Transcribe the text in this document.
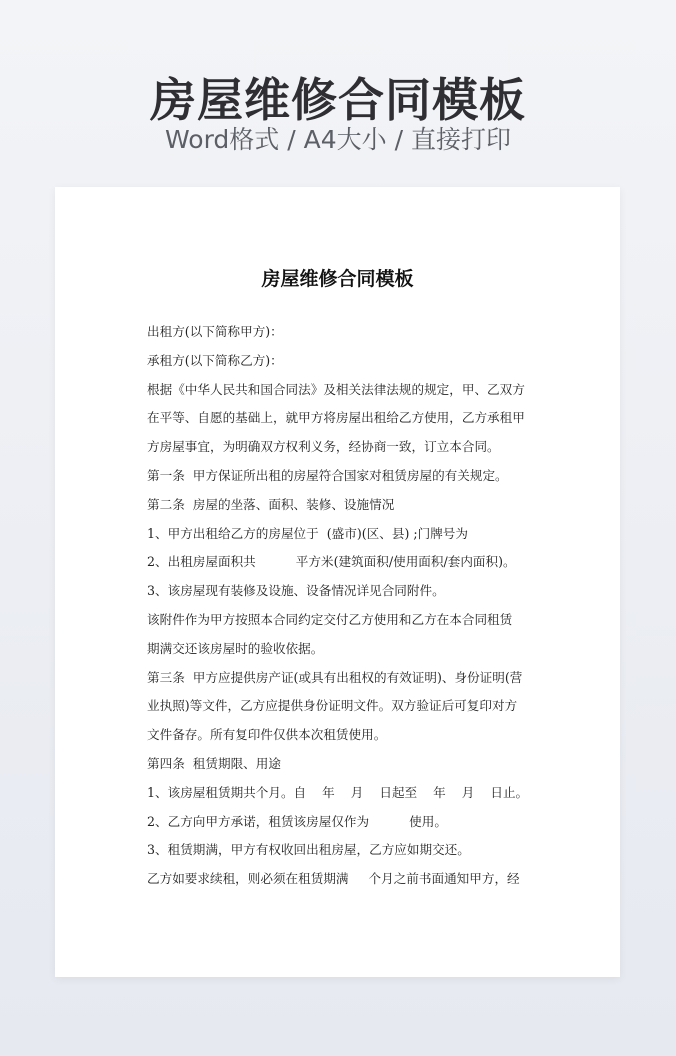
房屋维修合同模板
Word格式 / A4大小 / 直接打印
房屋维修合同模板
出租方(以下简称甲方)：
承租方(以下简称乙方)：
根据《中华人民共和国合同法》及相关法律法规的规定，甲、乙双方
在平等、自愿的基础上，就甲方将房屋出租给乙方使用，乙方承租甲
方房屋事宜，为明确双方权利义务，经协商一致，订立本合同。
第一条  甲方保证所出租的房屋符合国家对租赁房屋的有关规定。
第二条  房屋的坐落、面积、装修、设施情况
1、甲方出租给乙方的房屋位于  (盛市)(区、县) ;门牌号为
2、出租房屋面积共          平方米(建筑面积/使用面积/套内面积)。
3、该房屋现有装修及设施、设备情况详见合同附件。
该附件作为甲方按照本合同约定交付乙方使用和乙方在本合同租赁
期满交还该房屋时的验收依据。
第三条  甲方应提供房产证(或具有出租权的有效证明)、身份证明(营
业执照)等文件，乙方应提供身份证明文件。双方验证后可复印对方
文件备存。所有复印件仅供本次租赁使用。
第四条  租赁期限、用途
1、该房屋租赁期共个月。自    年    月    日起至    年    月    日止。
2、乙方向甲方承诺，租赁该房屋仅作为          使用。
3、租赁期满，甲方有权收回出租房屋，乙方应如期交还。
乙方如要求续租，则必须在租赁期满     个月之前书面通知甲方，经
